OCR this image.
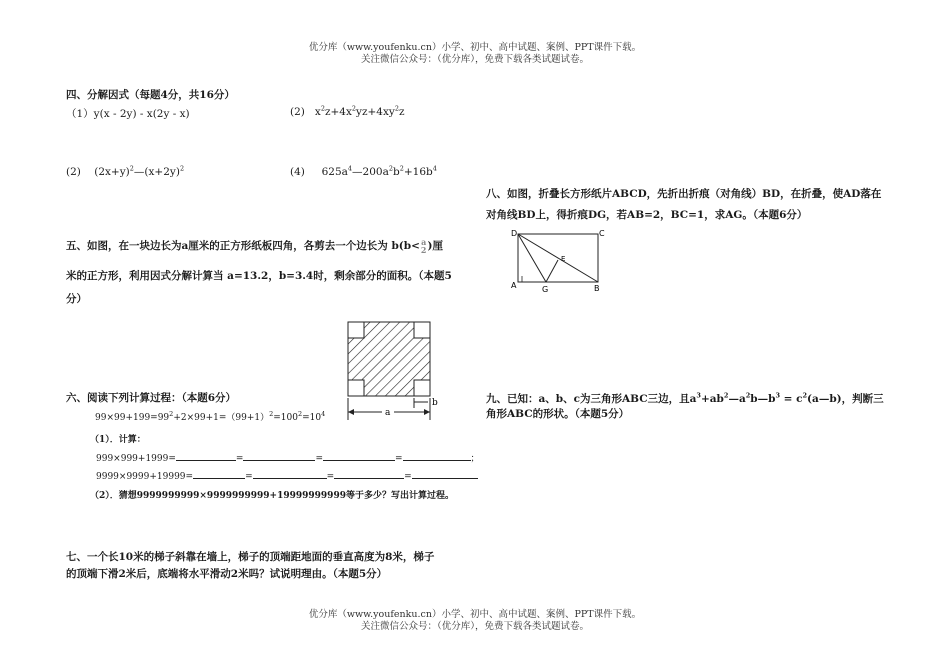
优分库（www.youfenku.cn）小学、初中、高中试题、案例、PPT课件下载。
关注微信公众号：（优分库），免费下载各类试题试卷。
四、分解因式（每题4分，共16分）
（1）y(x - 2y) - x(2y - x)	(2) $x^2z+4x^2yz+4xy^2z$
(2) $(2x+y)^2—(x+2y)^2$	(4) $625a^4—200a^2b^2+16b^4$
五、如图，在一块边长为a厘米的正方形纸板四角，各剪去一个边长为 b(b< a
2 )厘
米的正方形，利用因式分解计算当 a=13.2，b=3.4时，剩余部分的面积。（本题5
分）
a
b
六、阅读下列计算过程：（本题6分）
$99\times 99+199=99^2+2\times 99+1=(99+1)^2=100^2=10^4$
（1）．计算：
999×999+1999=	=	=	=	；
9999×9999+19999=	=	=	=
（2）．猜想9999999999×9999999999+19999999999等于多少？写出计算过程。
七、一个长10米的梯子斜靠在墙上，梯子的顶端距地面的垂直高度为8米，梯子
的顶端下滑2米后，底端将水平滑动2米吗？试说明理由。（本题5分）
八、如图，折叠长方形纸片ABCD，先折出折痕（对角线）BD，在折叠，使AD落在
对角线BD上，得折痕DG，若AB=2，BC=1，求AG。（本题6分）
D	C
A	G	B
E
九、已知：a、b、c为三角形ABC三边，且$a^3+ab^2—a^2b—b^3$ = $c^2(a—b)$，判断三
角形ABC的形状。（本题5分）
优分库（www.youfenku.cn）小学、初中、高中试题、案例、PPT课件下载。
关注微信公众号：（优分库），免费下载各类试题试卷。
